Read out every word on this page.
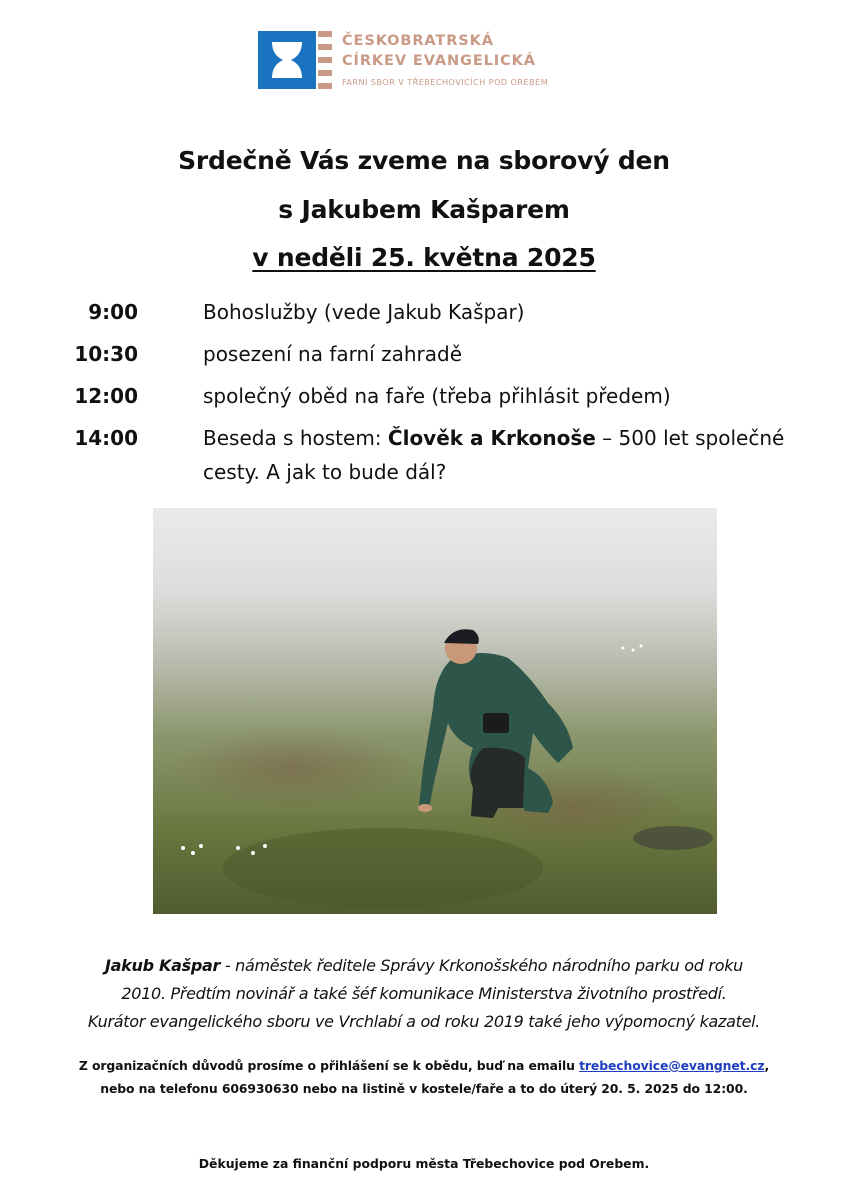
ČESKOBRATRSKÁ
CÍRKEV EVANGELICKÁ
FARNÍ SBOR V TŘEBECHOVICÍCH POD OREBEM
Srdečně Vás zveme na sborový den
s Jakubem Kašparem
v neděli 25. května 2025
9:00	Bohoslužby (vede Jakub Kašpar)
10:30	posezení na farní zahradě
12:00	společný oběd na faře (třeba přihlásit předem)
14:00	Beseda s hostem: Člověk a Krkonoše – 500 let společné
cesty. A jak to bude dál?
Jakub Kašpar - náměstek ředitele Správy Krkonošského národního parku od roku
2010. Předtím novinář a také šéf komunikace Ministerstva životního prostředí.
Kurátor evangelického sboru ve Vrchlabí a od roku 2019 také jeho výpomocný kazatel.
Z organizačních důvodů prosíme o přihlášení se k obědu, buď na emailu trebechovice@evangnet.cz,
nebo na telefonu 606930630 nebo na listině v kostele/faře a to do úterý 20. 5. 2025 do 12:00.
Děkujeme za finanční podporu města Třebechovice pod Orebem.
